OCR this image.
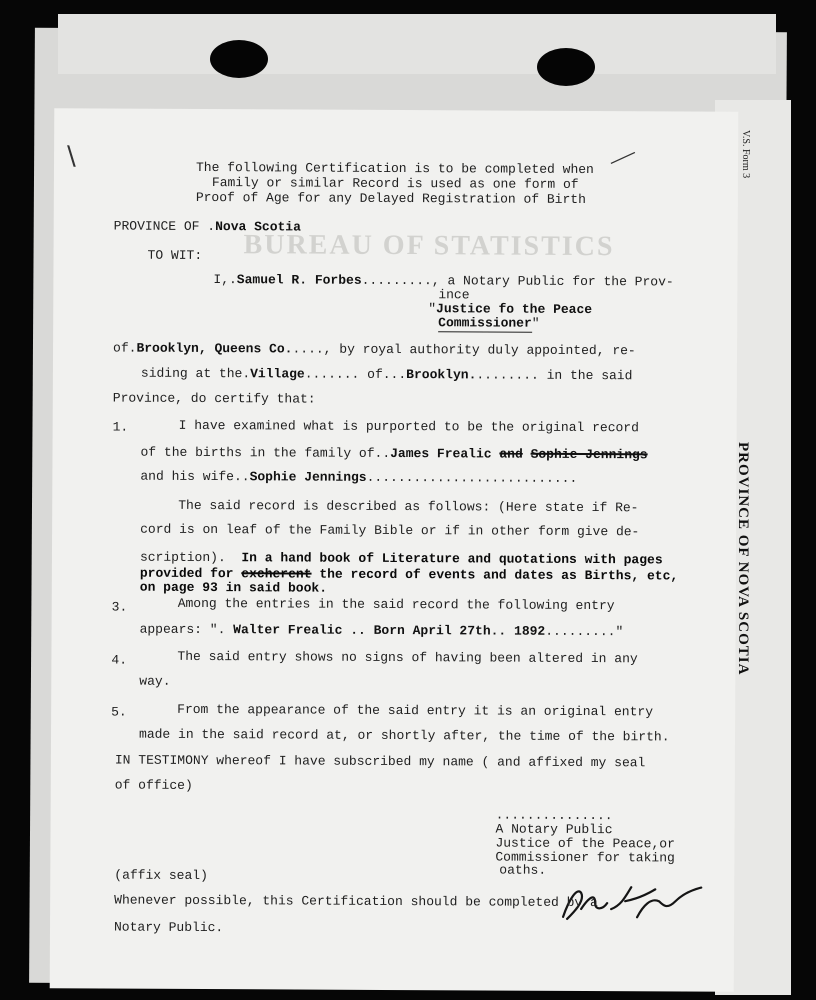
V.S. Form 3
PROVINCE OF NOVA SCOTIA
BUREAU OF STATISTICS
∖	―
The following Certification is to be completed when
Family or similar Record is used as one form of
Proof of Age for any Delayed Registration of Birth
PROVINCE OF .Nova Scotia
TO WIT:
I,.Samuel R. Forbes........., a Notary Public for the Prov-
ince
"Justice fo the Peace
Commissioner"
of.Brooklyn, Queens Co....., by royal authority duly appointed, re-
siding at the.Village....... of...Brooklyn......... in the said
Province, do certify that:
1.	I have examined what is purported to be the original record
of the births in the family of..James Frealic and Sophie Jennings
and his wife..Sophie Jennings...........................
The said record is described as follows: (Here state if Re-
cord is on leaf of the Family Bible or if in other form give de-
scription). In a hand book of Literature and quotations with pages
provided for excherent the record of events and dates as Births, etc,
on page 93 in said book.
3.	Among the entries in the said record the following entry
appears: ". Walter Frealic .. Born April 27th.. 1892........."
4.	The said entry shows no signs of having been altered in any
way.
5.	From the appearance of the said entry it is an original entry
made in the said record at, or shortly after, the time of the birth.
IN TESTIMONY whereof I have subscribed my name ( and affixed my seal
of office)
...............
A Notary Public
Justice of the Peace,or
Commissioner for taking
oaths.
(affix seal)
Whenever possible, this Certification should be completed by a
Notary Public.
